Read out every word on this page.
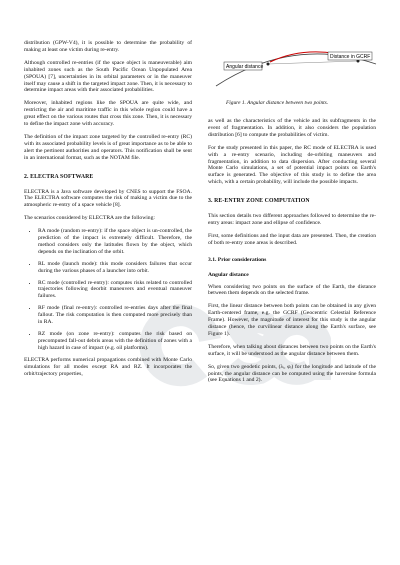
Angular distance
Distance in GCRF
Figure 1. Angular distance between two points.

distribution (GPW-V4), it is possible to determine the probability of making at least one victim during re-entry.

Although controlled re-entries (if the space object is maneuverable) aim inhabited zones such as the South Pacific Ocean Unpopulated Area (SPOUA) [7], uncertainties in its orbital parameters or in the maneuver itself may cause a shift in the targeted impact zone. Then, it is necessary to determine impact areas with their associated probabilities.

Moreover, inhabited regions like the SPOUA are quite wide, and restricting the air and maritime traffic in this whole region could have a great effect on the various routes that cross this zone. Then, it is necessary to define the impact zone with accuracy.

The definition of the impact zone targeted by the controlled re-entry (RC) with its associated probability levels is of great importance as to be able to alert the pertinent authorities and operators. This notification shall be sent in an international format, such as the NOTAM file.

2. ELECTRA SOFTWARE

ELECTRA is a Java software developed by CNES to support the FSOA. The ELECTRA software computes the risk of making a victim due to the atmospheric re-entry of a space vehicle [8].

The scenarios considered by ELECTRA are the following:

• RA mode (random re-entry): if the space object is un-controlled, the prediction of the impact is extremely difficult. Therefore, the method considers only the latitudes flown by the object, which depends on the inclination of the orbit.
• RL mode (launch mode): this mode considers failures that occur during the various phases of a launcher into orbit.
• RC mode (controlled re-entry): computes risks related to controlled trajectories following deorbit maneuvers and eventual maneuver failures.
• RF mode (final re-entry): controlled re-entries days after the final fallout. The risk computation is then computed more precisely than in RA.
• RZ mode (on zone re-entry): computes the risk based on precomputed fall-out debris areas with the definition of zones with a high hazard in case of impact (e.g. oil platforms).

ELECTRA performs numerical propagations combined with Monte Carlo simulations for all modes except RA and RZ. It incorporates the orbit/trajectory properties,

as well as the characteristics of the vehicle and its subfragments in the event of fragmentation. In addition, it also considers the population distribution [6] to compute the probabilities of victim.

For the study presented in this paper, the RC mode of ELECTRA is used with a re-entry scenario, including de-orbiting maneuvers and fragmentation, in addition to data dispersion. After conducting several Monte Carlo simulations, a set of potential impact points on Earth's surface is generated. The objective of this study is to define the area which, with a certain probability, will include the possible impacts.

3. RE-ENTRY ZONE COMPUTATION

This section details two different approaches followed to determine the re-entry areas: impact zone and ellipse of confidence.

First, some definitions and the input data are presented. Then, the creation of both re-entry zone areas is described.

3.1. Prior considerations
Angular distance

When considering two points on the surface of the Earth, the distance between them depends on the selected frame.

First, the linear distance between both points can be obtained in any given Earth-centered frame, e.g. the GCRF (Geocentric Celestial Reference Frame). However, the magnitude of interest for this study is the angular distance (hence, the curvilinear distance along the Earth's surface, see Figure 1).

Therefore, when talking about distances between two points on the Earth's surface, it will be understood as the angular distance between them.

So, given two geodetic points, (λᵢ, φᵢ) for the longitude and latitude of the points, the angular distance can be computed using the haversine formula (see Equations 1 and 2).
